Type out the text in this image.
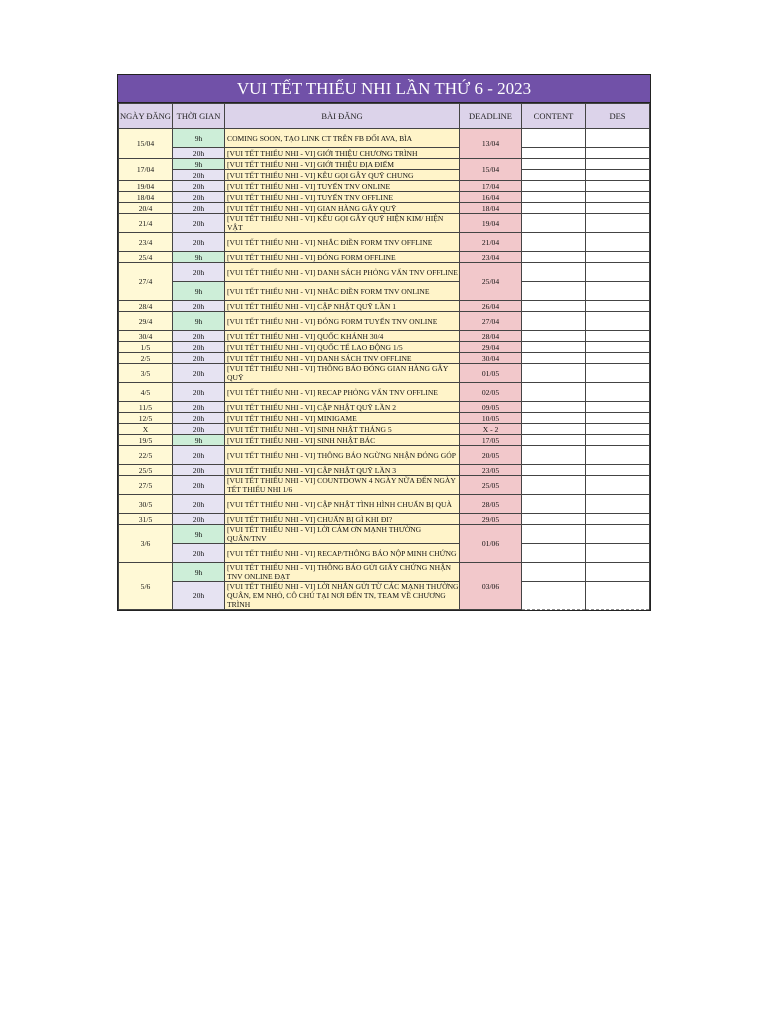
VUI TẾT THIẾU NHI LẦN THỨ 6 - 2023
NGÀY ĐĂNG	THỜI GIAN	BÀI ĐĂNG	DEADLINE	CONTENT	DES
15/04	9h	COMING SOON, TẠO LINK CT TRÊN FB ĐỔI AVA, BÌA	13/04		
	20h	[VUI TẾT THIẾU NHI - VI] GIỚI THIỆU CHƯƠNG TRÌNH			
17/04	9h	[VUI TẾT THIẾU NHI - VI] GIỚI THIỆU ĐỊA ĐIỂM	15/04		
	20h	[VUI TẾT THIẾU NHI - VI] KÊU GỌI GÂY QUỸ CHUNG			
19/04	20h	[VUI TẾT THIẾU NHI - VI] TUYỂN TNV ONLINE	17/04		
18/04	20h	[VUI TẾT THIẾU NHI - VI] TUYỂN TNV OFFLINE	16/04		
20/4	20h	[VUI TẾT THIẾU NHI - VI] GIAN HÀNG GÂY QUỸ	18/04		
21/4	20h	[VUI TẾT THIẾU NHI - VI] KÊU GỌI GÂY QUỸ HIỆN KIM/ HIỆN VẬT	19/04		
23/4	20h	[VUI TẾT THIẾU NHI - VI] NHẮC ĐIỀN FORM TNV OFFLINE	21/04		
25/4	9h	[VUI TẾT THIẾU NHI - VI] ĐÓNG FORM OFFLINE	23/04		
27/4	20h	[VUI TẾT THIẾU NHI - VI] DANH SÁCH PHỎNG VẤN TNV OFFLINE	25/04		
	9h	[VUI TẾT THIẾU NHI - VI] NHẮC ĐIỀN FORM TNV ONLINE			
28/4	20h	[VUI TẾT THIẾU NHI - VI] CẬP NHẬT QUỸ LẦN 1	26/04		
29/4	9h	[VUI TẾT THIẾU NHI - VI] ĐÓNG FORM TUYỂN TNV ONLINE	27/04		
30/4	20h	[VUI TẾT THIẾU NHI - VI] QUỐC KHÁNH 30/4	28/04		
1/5	20h	[VUI TẾT THIẾU NHI - VI] QUỐC TẾ LAO ĐỘNG 1/5	29/04		
2/5	20h	[VUI TẾT THIẾU NHI - VI] DANH SÁCH TNV OFFLINE	30/04		
3/5	20h	[VUI TẾT THIẾU NHI - VI] THÔNG BÁO ĐÓNG GIAN HÀNG GÂY QUỸ	01/05		
4/5	20h	[VUI TẾT THIẾU NHI - VI] RECAP PHỎNG VẤN TNV OFFLINE	02/05		
11/5	20h	[VUI TẾT THIẾU NHI - VI] CẬP NHẬT QUỸ LẦN 2	09/05		
12/5	20h	[VUI TẾT THIẾU NHI - VI] MINIGAME	10/05		
X	20h	[VUI TẾT THIẾU NHI - VI] SINH NHẬT THÁNG 5	X - 2		
19/5	9h	[VUI TẾT THIẾU NHI - VI] SINH NHẬT BÁC	17/05		
22/5	20h	[VUI TẾT THIẾU NHI - VI] THÔNG BÁO NGỪNG NHẬN ĐÓNG GÓP	20/05		
25/5	20h	[VUI TẾT THIẾU NHI - VI] CẬP NHẬT QUỸ LẦN 3	23/05		
27/5	20h	[VUI TẾT THIẾU NHI - VI] COUNTDOWN 4 NGÀY NỮA ĐẾN NGÀY TẾT THIẾU NHI 1/6	25/05		
30/5	20h	[VUI TẾT THIẾU NHI - VI] CẬP NHẬT TÌNH HÌNH CHUẨN BỊ QUÀ	28/05		
31/5	20h	[VUI TẾT THIẾU NHI - VI] CHUẨN BỊ GÌ KHI ĐI?	29/05		
3/6	9h	[VUI TẾT THIẾU NHI - VI] LỜI CẢM ƠN MẠNH THƯỜNG QUÂN/TNV	01/06		
	20h	[VUI TẾT THIẾU NHI - VI] RECAP/THÔNG BÁO NỘP MINH CHỨNG			
5/6	9h	[VUI TẾT THIẾU NHI - VI] THÔNG BÁO GỬI GIẤY CHỨNG NHẬN TNV ONLINE ĐẠT	03/06		
	20h	[VUI TẾT THIẾU NHI - VI] LỜI NHẮN GỬI TỪ CÁC MẠNH THƯỜNG QUÂN, EM NHỎ, CÔ CHÚ TẠI NƠI ĐẾN TN, TEAM VỀ CHƯƠNG TRÌNH			
